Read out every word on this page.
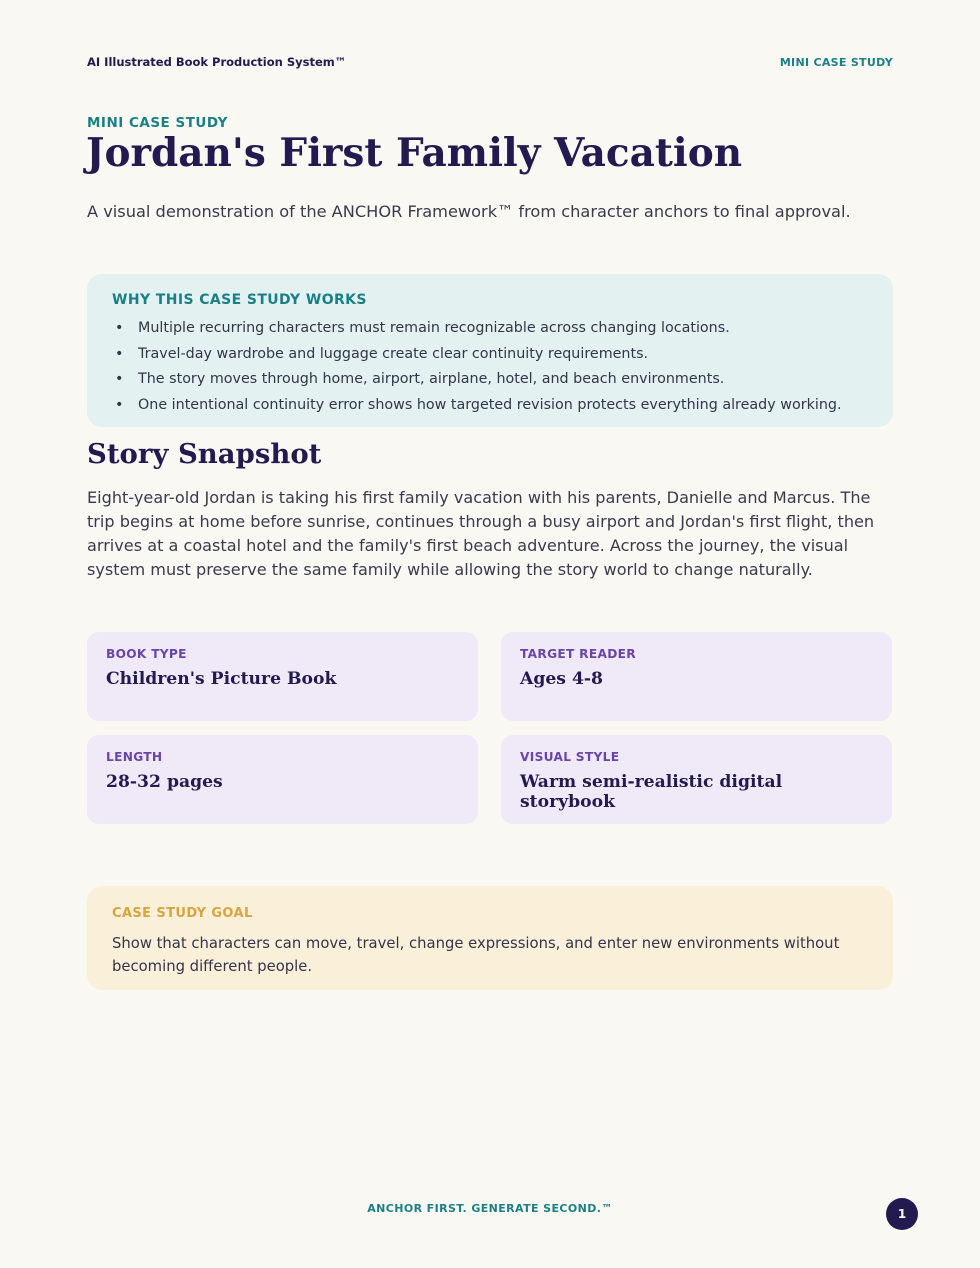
AI Illustrated Book Production System™	MINI CASE STUDY
MINI CASE STUDY
Jordan's First Family Vacation

A visual demonstration of the ANCHOR Framework™ from character anchors to final approval.

WHY THIS CASE STUDY WORKS
• Multiple recurring characters must remain recognizable across changing locations.
• Travel-day wardrobe and luggage create clear continuity requirements.
• The story moves through home, airport, airplane, hotel, and beach environments.
• One intentional continuity error shows how targeted revision protects everything already working.
Story Snapshot

Eight-year-old Jordan is taking his first family vacation with his parents, Danielle and Marcus. The trip begins at home before sunrise, continues through a busy airport and Jordan's first flight, then arrives at a coastal hotel and the family's first beach adventure. Across the journey, the visual system must preserve the same family while allowing the story world to change naturally.

BOOK TYPE
Children's Picture Book
TARGET READER
Ages 4-8
LENGTH
28-32 pages
VISUAL STYLE
Warm semi-realistic digital storybook
CASE STUDY GOAL

Show that characters can move, travel, change expressions, and enter new environments without becoming different people.

ANCHOR FIRST. GENERATE SECOND.™	1
